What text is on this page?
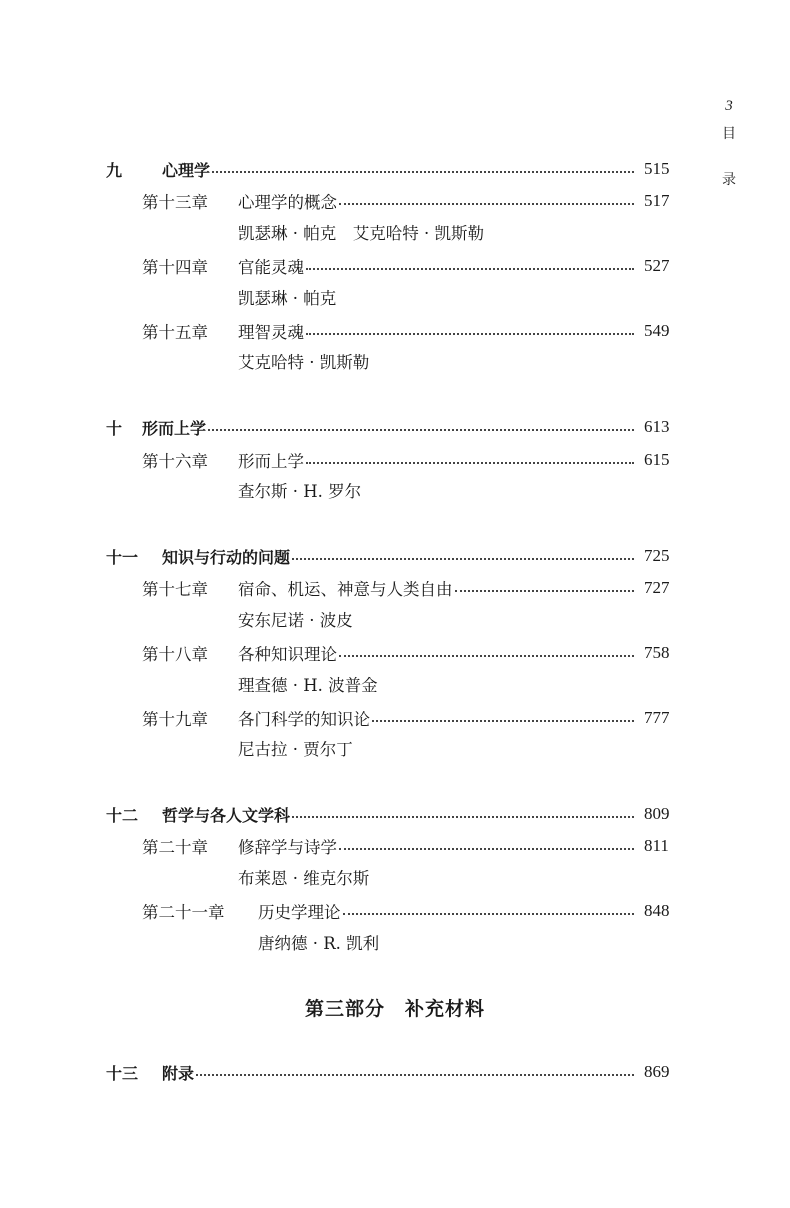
3
目
录
九	心理学	515
第十三章	心理学的概念	517
凯瑟琳 · 帕克　艾克哈特 · 凯斯勒
第十四章	官能灵魂	527
凯瑟琳 · 帕克
第十五章	理智灵魂	549
艾克哈特 · 凯斯勒
十	形而上学	613
第十六章	形而上学	615
查尔斯 · H. 罗尔
十一	知识与行动的问题	725
第十七章	宿命、机运、神意与人类自由	727
安东尼诺 · 波皮
第十八章	各种知识理论	758
理查德 · H. 波普金
第十九章	各门科学的知识论	777
尼古拉 · 贾尔丁
十二	哲学与各人文学科	809
第二十章	修辞学与诗学	811
布莱恩 · 维克尔斯
第二十一章	历史学理论	848
唐纳德 · R. 凯利
第三部分　补充材料
十三	附录	869
